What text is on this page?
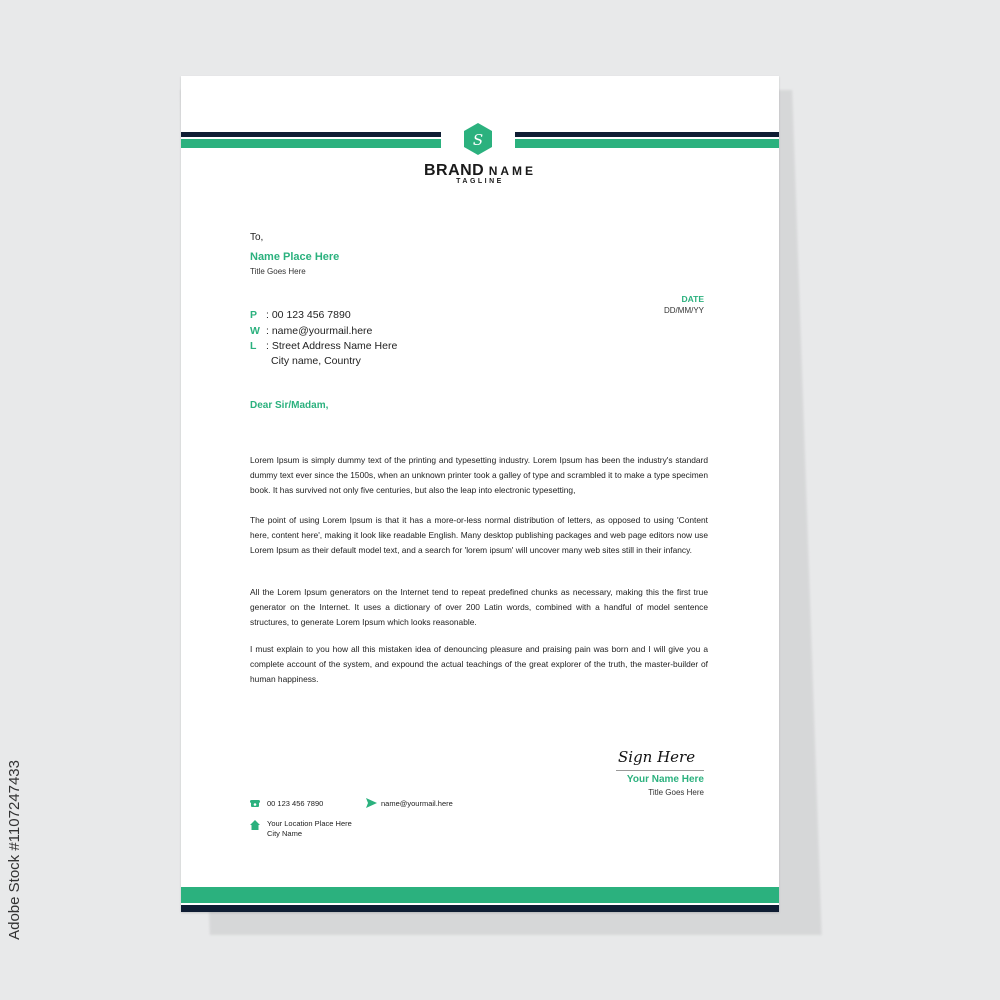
S
BRAND NAME
TAGLINE
To,
Name Place Here
Title Goes Here
DATE
DD/MM/YY
P : 00 123 456 7890
W : name@yourmail.here
L : Street Address Name Here
City name, Country
Dear Sir/Madam,

Lorem Ipsum is simply dummy text of the printing and typesetting industry. Lorem Ipsum has been the industry's standard dummy text ever since the 1500s, when an unknown printer took a galley of type and scrambled it to make a type specimen book. It has survived not only five centuries, but also the leap into electronic typesetting,

The point of using Lorem Ipsum is that it has a more-or-less normal distribution of letters, as opposed to using 'Content here, content here', making it look like readable English. Many desktop publishing packages and web page editors now use Lorem Ipsum as their default model text, and a search for 'lorem ipsum' will uncover many web sites still in their infancy.

All the Lorem Ipsum generators on the Internet tend to repeat predefined chunks as necessary, making this the first true generator on the Internet. It uses a dictionary of over 200 Latin words, combined with a handful of model sentence structures, to generate Lorem Ipsum which looks reasonable.

I must explain to you how all this mistaken idea of denouncing pleasure and praising pain was born and I will give you a complete account of the system, and expound the actual teachings of the great explorer of the truth, the master-builder of human happiness.

Sign Here
Your Name Here
Title Goes Here
00 123 456 7890	name@yourmail.here
Your Location Place Here
City Name
Adobe Stock #1107247433
